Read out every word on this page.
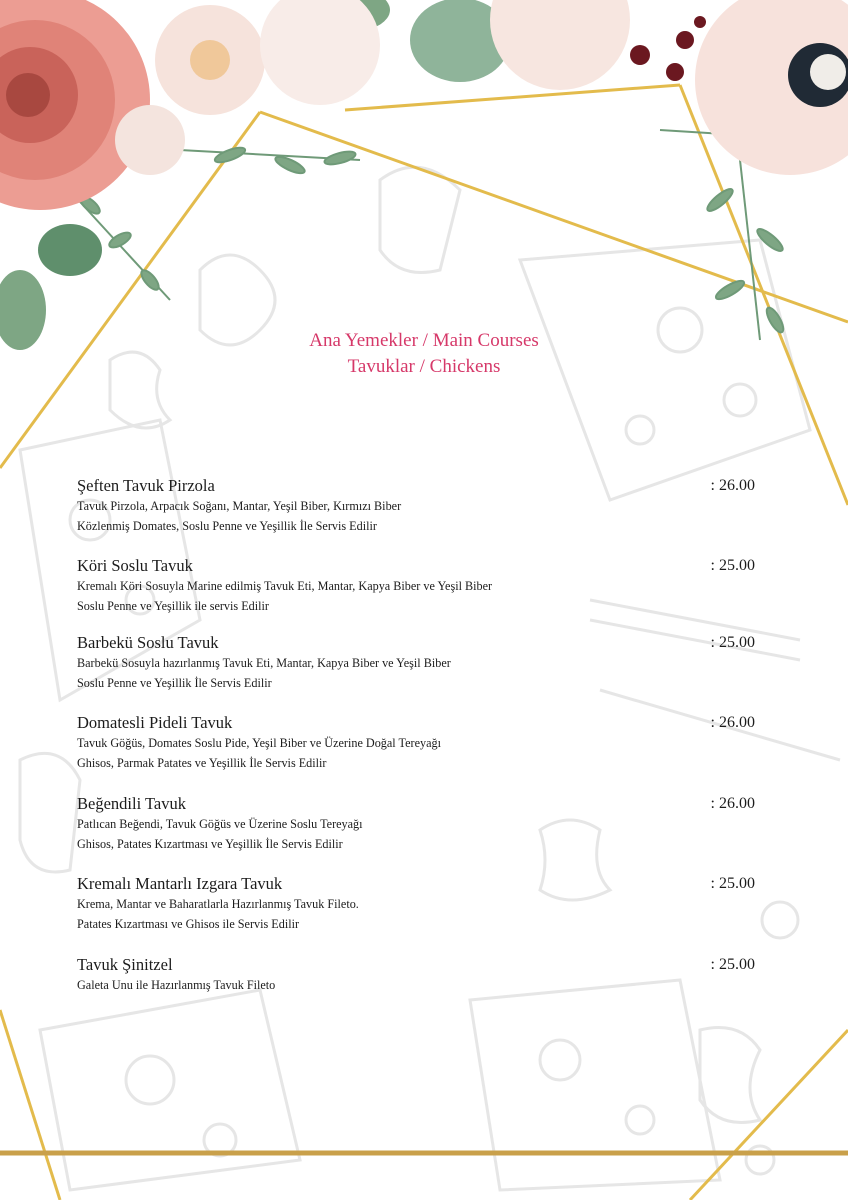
Ana Yemekler / Main Courses
Tavuklar / Chickens
Şeften Tavuk Pirzola	: 26.00
Tavuk Pirzola, Arpacık Soğanı, Mantar, Yeşil Biber, Kırmızı Biber
Közlenmiş Domates, Soslu Penne ve Yeşillik İle Servis Edilir
Köri Soslu Tavuk	: 25.00
Kremalı Köri Sosuyla Marine edilmiş Tavuk Eti, Mantar, Kapya Biber ve Yeşil Biber
Soslu Penne ve Yeşillik ile servis Edilir
Barbekü Soslu Tavuk	: 25.00
Barbekü Sosuyla hazırlanmış Tavuk Eti, Mantar, Kapya Biber ve Yeşil Biber
Soslu Penne ve Yeşillik İle Servis Edilir
Domatesli Pideli Tavuk	: 26.00
Tavuk Göğüs, Domates Soslu Pide, Yeşil Biber ve Üzerine Doğal Tereyağı
Ghisos, Parmak Patates ve Yeşillik İle Servis Edilir
Beğendili Tavuk	: 26.00
Patlıcan Beğendi, Tavuk Göğüs ve Üzerine Soslu Tereyağı
Ghisos, Patates Kızartması ve Yeşillik İle Servis Edilir
Kremalı Mantarlı Izgara Tavuk	: 25.00
Krema, Mantar ve Baharatlarla Hazırlanmış Tavuk Fileto.
Patates Kızartması ve Ghisos ile Servis Edilir
Tavuk Şinitzel	: 25.00
Galeta Unu ile Hazırlanmış Tavuk Fileto
